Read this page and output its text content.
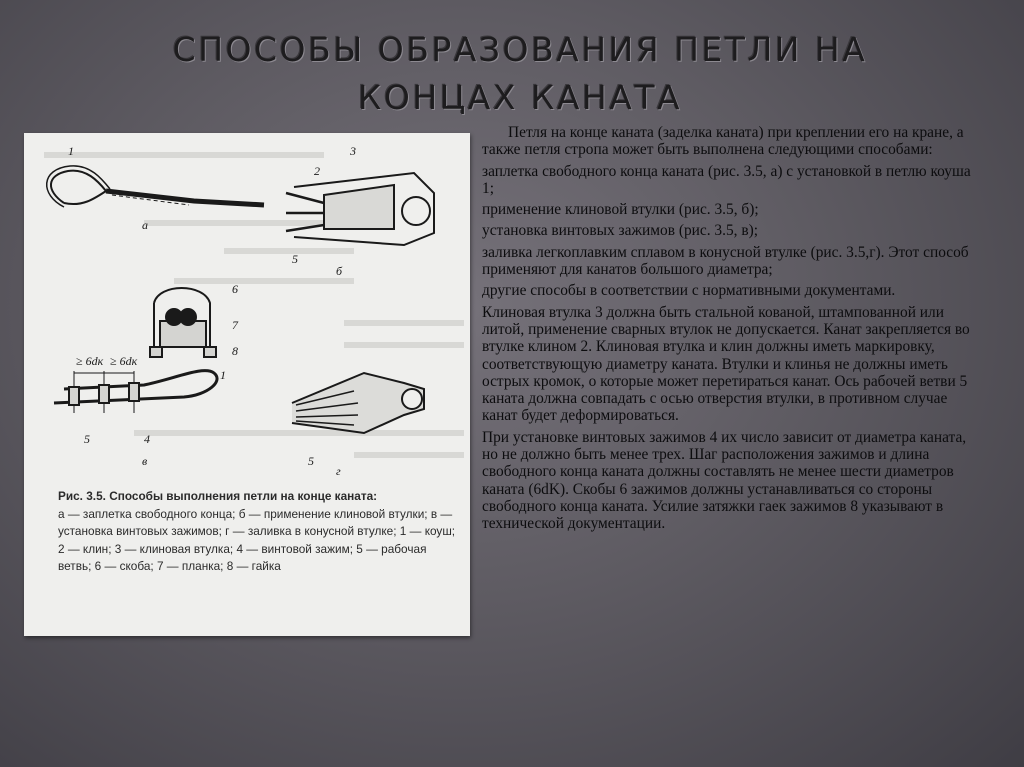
СПОСОБЫ ОБРАЗОВАНИЯ ПЕТЛИ НА КОНЦАХ КАНАТА
1
а
2
3
5
б
6
7
8
≥ 6dк ≥ 6dк
1
5	4
в	5
г

Рис. 3.5. Способы выполнения петли на конце каната:

а — заплетка свободного конца; б — применение клиновой втулки; в — установка винтовых зажимов; г — заливка в конусной втулке; 1 — коуш; 2 — клин; 3 — клиновая втулка; 4 — винтовой зажим; 5 — рабочая ветвь; 6 — скоба; 7 — планка; 8 — гайка

Петля на конце каната (заделка каната) при креплении его на кране, а также петля стропа может быть выполнена следующими способами:

заплетка свободного конца каната (рис. 3.5, а) с установкой в петлю коуша 1;

применение клиновой втулки (рис. 3.5, б);

установка винтовых зажимов (рис. 3.5, в);

заливка легкоплавким сплавом в конусной втулке (рис. 3.5,г). Этот способ применяют для канатов большого диаметра;

другие способы в соответствии с нормативными документами.

Клиновая втулка 3 должна быть стальной кованой, штампованной или литой, применение сварных втулок не допускается. Канат закрепляется во втулке клином 2. Клиновая втулка и клин должны иметь маркировку, соответствующую диаметру каната. Втулки и клинья не должны иметь острых кромок, о которые может перетираться канат. Ось рабочей ветви 5 каната должна совпадать с осью отверстия втулки, в противном случае канат будет деформироваться.

При установке винтовых зажимов 4 их число зависит от диаметра каната, но не должно быть менее трех. Шаг расположения зажимов и длина свободного конца каната должны составлять не менее шести диаметров каната (6dK). Скобы 6 зажимов должны устанавливаться со стороны свободного конца каната. Усилие затяжки гаек зажимов 8 указывают в технической документации.
